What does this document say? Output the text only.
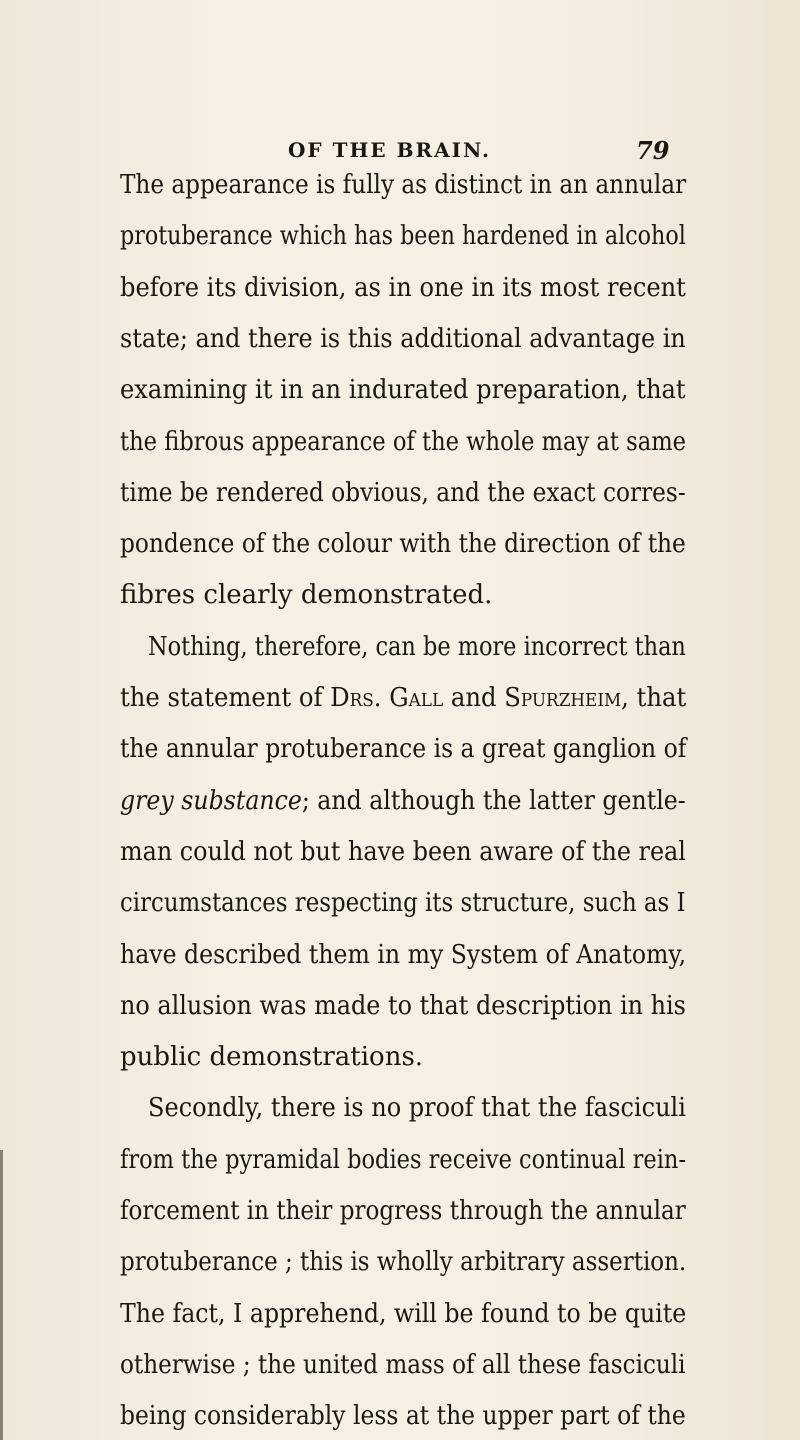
OF THE BRAIN.	79
The appearance is fully as distinct in an annular
protuberance which has been hardened in alcohol
before its division, as in one in its most recent
state; and there is this additional advantage in
examining it in an indurated preparation, that
the fibrous appearance of the whole may at same
time be rendered obvious, and the exact corres-
pondence of the colour with the direction of the
fibres clearly demonstrated.
Nothing, therefore, can be more incorrect than
the statement of Drs. Gall and Spurzheim, that
the annular protuberance is a great ganglion of
grey substance; and although the latter gentle-
man could not but have been aware of the real
circumstances respecting its structure, such as I
have described them in my System of Anatomy,
no allusion was made to that description in his
public demonstrations.
Secondly, there is no proof that the fasciculi
from the pyramidal bodies receive continual rein-
forcement in their progress through the annular
protuberance ; this is wholly arbitrary assertion.
The fact, I apprehend, will be found to be quite
otherwise ; the united mass of all these fasciculi
being considerably less at the upper part of the
